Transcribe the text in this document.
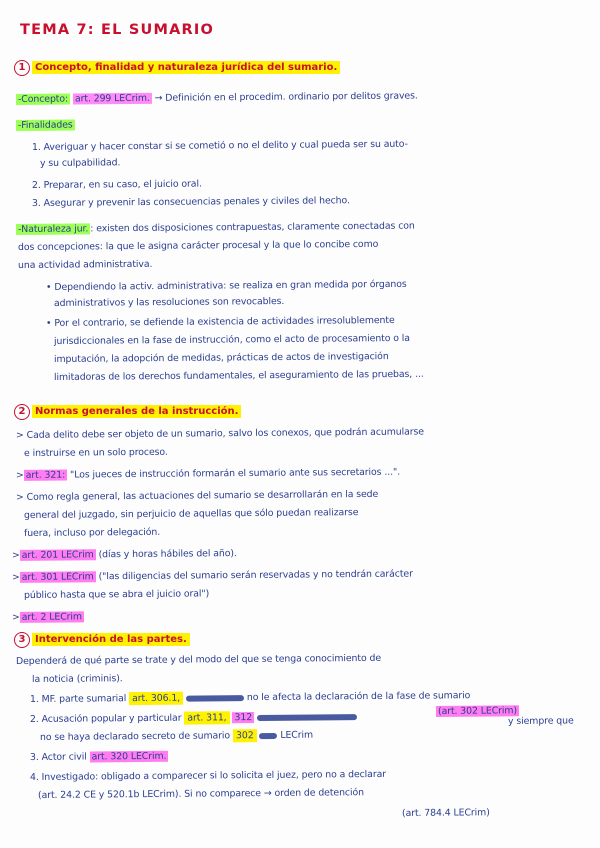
TEMA 7: EL SUMARIO
1 Concepto, finalidad y naturaleza jurídica del sumario.
-Concepto: art. 299 LECrim. → Definición en el procedim. ordinario por delitos graves.
-Finalidades
1. Averiguar y hacer constar si se cometió o no el delito y cual pueda ser su auto-
y su culpabilidad.
2. Preparar, en su caso, el juicio oral.
3. Asegurar y prevenir las consecuencias penales y civiles del hecho.
-Naturaleza jur. : existen dos disposiciones contrapuestas, claramente conectadas con
dos concepciones: la que le asigna carácter procesal y la que lo concibe como
una actividad administrativa.
• Dependiendo la activ. administrativa: se realiza en gran medida por órganos
administrativos y las resoluciones son revocables.
• Por el contrario, se defiende la existencia de actividades irresolublemente
jurisdiccionales en la fase de instrucción, como el acto de procesamiento o la
imputación, la adopción de medidas, prácticas de actos de investigación
limitadoras de los derechos fundamentales, el aseguramiento de las pruebas, ...
2 Normas generales de la instrucción.
> Cada delito debe ser objeto de un sumario, salvo los conexos, que podrán acumularse
e instruirse en un solo proceso.
> art. 321: "Los jueces de instrucción formarán el sumario ante sus secretarios ...".
> Como regla general, las actuaciones del sumario se desarrollarán en la sede
general del juzgado, sin perjuicio de aquellas que sólo puedan realizarse
fuera, incluso por delegación.
> art. 201 LECrim (días y horas hábiles del año).
> art. 301 LECrim ("las diligencias del sumario serán reservadas y no tendrán carácter
público hasta que se abra el juicio oral")
> art. 2 LECrim
3 Intervención de las partes.
Dependerá de qué parte se trate y del modo del que se tenga conocimiento de
la noticia (criminis).
1. MF. parte sumarial art. 306.1,	no le afecta la declaración de la fase de sumario
(art. 302 LECrim)
2. Acusación popular y particular art. 311, 312	y siempre que
no se haya declarado secreto de sumario 302	LECrim
3. Actor civil art. 320 LECrim.
4. Investigado: obligado a comparecer si lo solicita el juez, pero no a declarar
(art. 24.2 CE y 520.1b LECrim). Si no comparece → orden de detención
(art. 784.4 LECrim)
